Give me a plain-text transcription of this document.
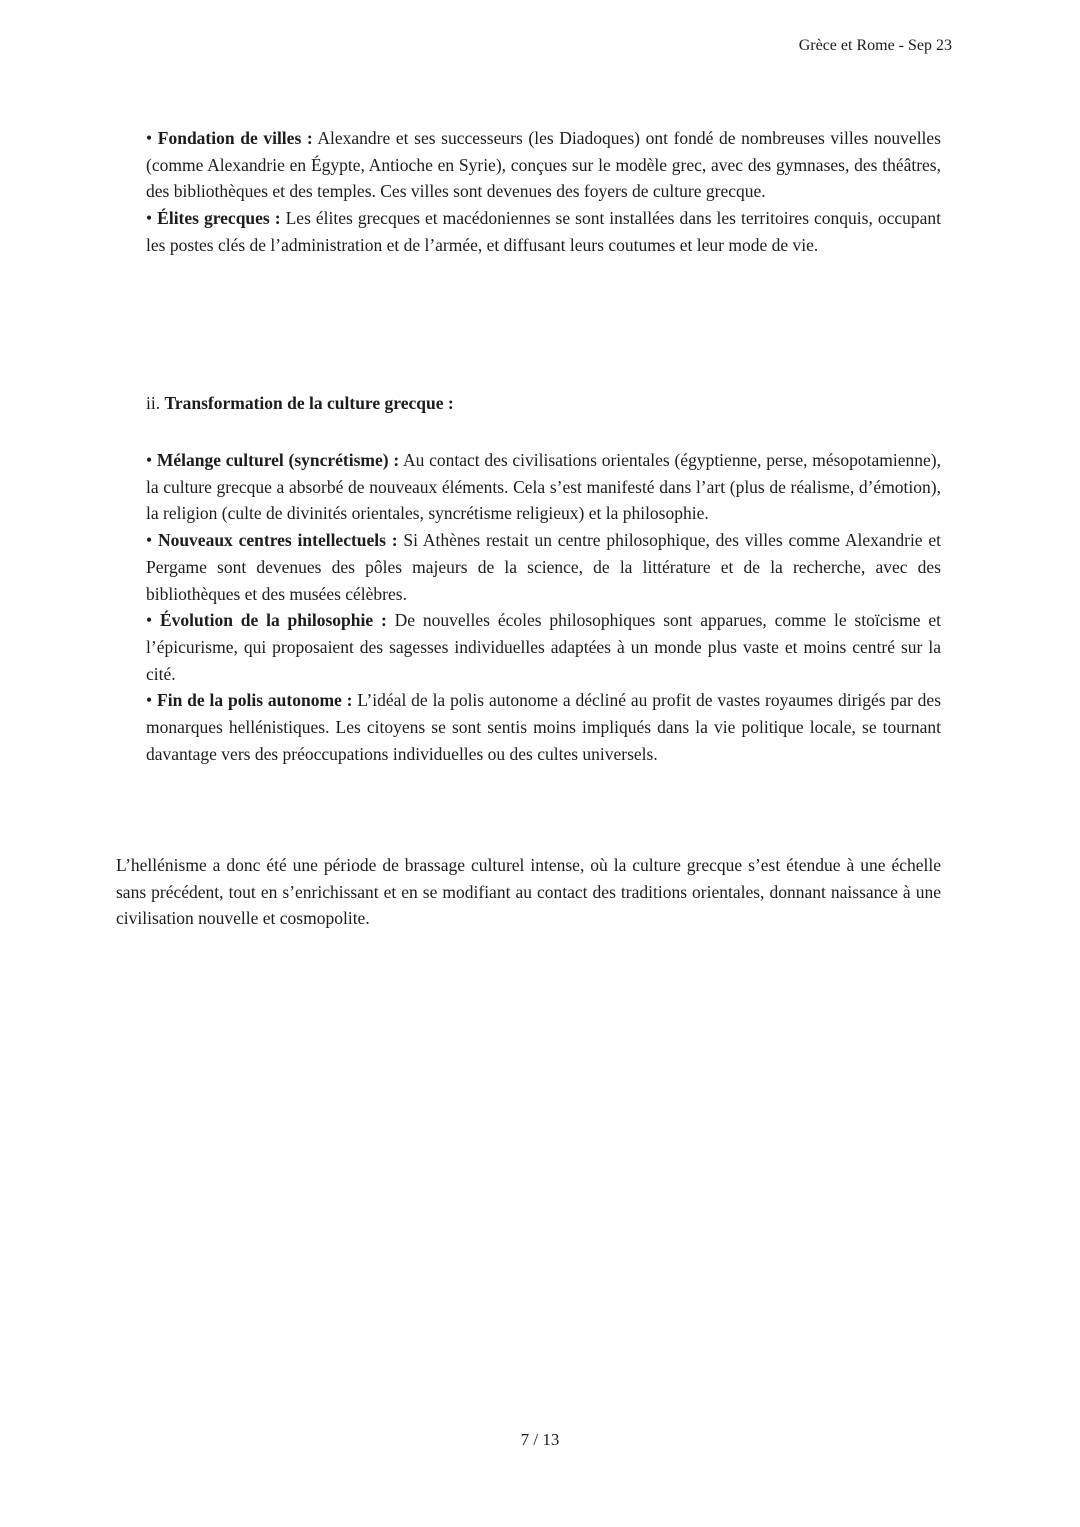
Grèce et Rome - Sep 23
• Fondation de villes : Alexandre et ses successeurs (les Diadoques) ont fondé de nombreuses villes nouvelles (comme Alexandrie en Égypte, Antioche en Syrie), conçues sur le modèle grec, avec des gymnases, des théâtres, des bibliothèques et des temples. Ces villes sont devenues des foyers de culture grecque.
• Élites grecques : Les élites grecques et macédoniennes se sont installées dans les territoires conquis, occupant les postes clés de l’administration et de l’armée, et diffusant leurs coutumes et leur mode de vie.
ii. Transformation de la culture grecque :
• Mélange culturel (syncrétisme) : Au contact des civilisations orientales (égyptienne, perse, mésopotamienne), la culture grecque a absorbé de nouveaux éléments. Cela s’est manifesté dans l’art (plus de réalisme, d’émotion), la religion (culte de divinités orientales, syncrétisme religieux) et la philosophie.
• Nouveaux centres intellectuels : Si Athènes restait un centre philosophique, des villes comme Alexandrie et Pergame sont devenues des pôles majeurs de la science, de la littérature et de la recherche, avec des bibliothèques et des musées célèbres.
• Évolution de la philosophie : De nouvelles écoles philosophiques sont apparues, comme le stoïcisme et l’épicurisme, qui proposaient des sagesses individuelles adaptées à un monde plus vaste et moins centré sur la cité.
• Fin de la polis autonome : L’idéal de la polis autonome a décliné au profit de vastes royaumes dirigés par des monarques hellénistiques. Les citoyens se sont sentis moins impliqués dans la vie politique locale, se tournant davantage vers des préoccupations individuelles ou des cultes universels.
L’hellénisme a donc été une période de brassage culturel intense, où la culture grecque s’est étendue à une échelle sans précédent, tout en s’enrichissant et en se modifiant au contact des traditions orientales, donnant naissance à une civilisation nouvelle et cosmopolite.
7 / 13
